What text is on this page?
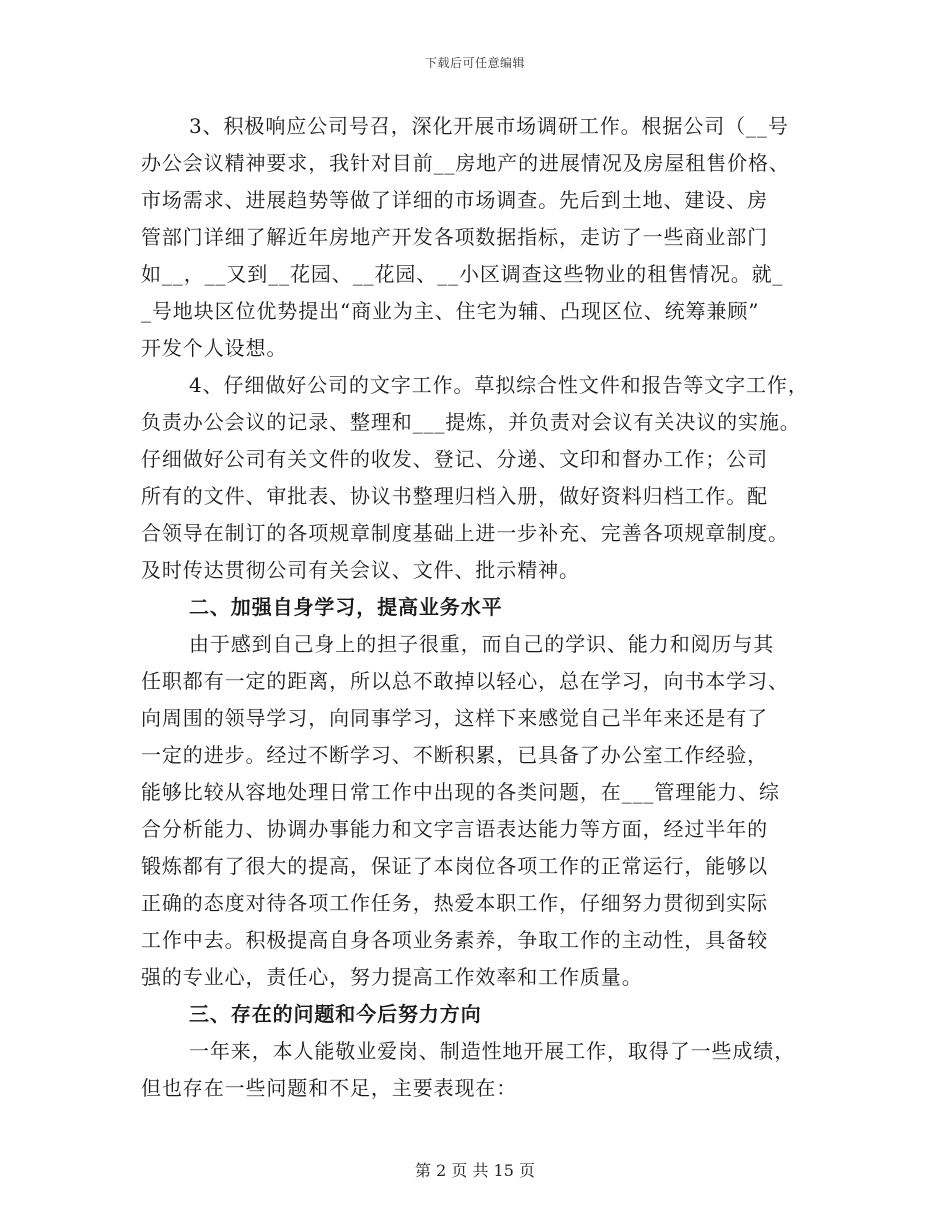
下载后可任意编辑
3、积极响应公司号召，深化开展市场调研工作。根据公司（__号
办公会议精神要求，我针对目前__房地产的进展情况及房屋租售价格、
市场需求、进展趋势等做了详细的市场调查。先后到土地、建设、房
管部门详细了解近年房地产开发各项数据指标，走访了一些商业部门
如__，__又到__花园、__花园、__小区调查这些物业的租售情况。就_
_号地块区位优势提出“商业为主、住宅为辅、凸现区位、统筹兼顾”
开发个人设想。
4、仔细做好公司的文字工作。草拟综合性文件和报告等文字工作，
负责办公会议的记录、整理和___提炼，并负责对会议有关决议的实施。
仔细做好公司有关文件的收发、登记、分递、文印和督办工作；公司
所有的文件、审批表、协议书整理归档入册，做好资料归档工作。配
合领导在制订的各项规章制度基础上进一步补充、完善各项规章制度。
及时传达贯彻公司有关会议、文件、批示精神。
二、加强自身学习，提高业务水平
由于感到自己身上的担子很重，而自己的学识、能力和阅历与其
任职都有一定的距离，所以总不敢掉以轻心，总在学习，向书本学习、
向周围的领导学习，向同事学习，这样下来感觉自己半年来还是有了
一定的进步。经过不断学习、不断积累，已具备了办公室工作经验，
能够比较从容地处理日常工作中出现的各类问题，在___管理能力、综
合分析能力、协调办事能力和文字言语表达能力等方面，经过半年的
锻炼都有了很大的提高，保证了本岗位各项工作的正常运行，能够以
正确的态度对待各项工作任务，热爱本职工作，仔细努力贯彻到实际
工作中去。积极提高自身各项业务素养，争取工作的主动性，具备较
强的专业心，责任心，努力提高工作效率和工作质量。
三、存在的问题和今后努力方向
一年来，本人能敬业爱岗、制造性地开展工作，取得了一些成绩，
但也存在一些问题和不足，主要表现在：
第 2 页 共 15 页
